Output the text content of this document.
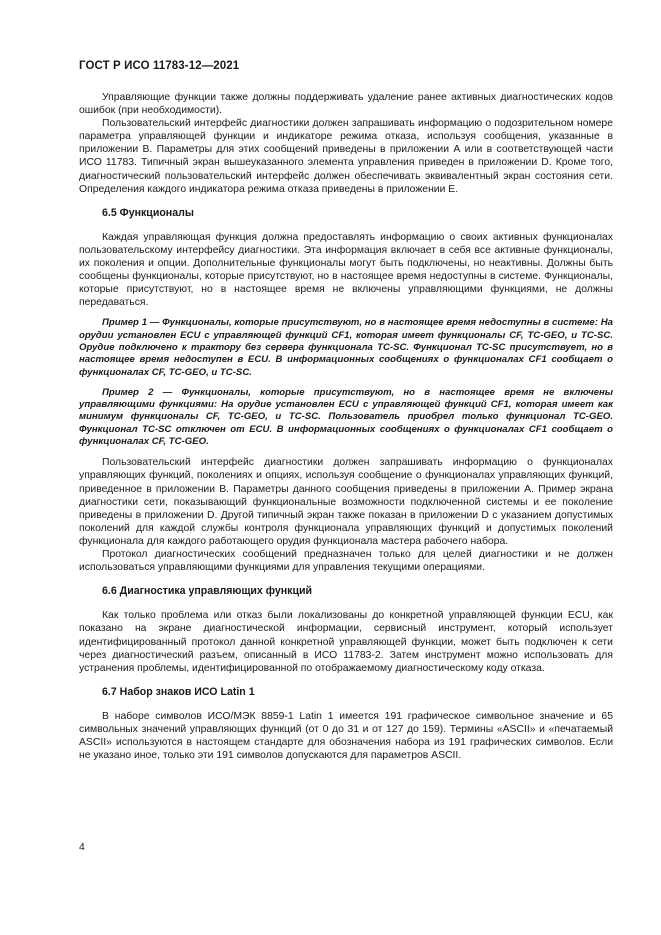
ГОСТ Р ИСО 11783-12—2021

Управляющие функции также должны поддерживать удаление ранее активных диагностических кодов ошибок (при необходимости).

Пользовательский интерфейс диагностики должен запрашивать информацию о подозрительном номере параметра управляющей функции и индикаторе режима отказа, используя сообщения, указанные в приложении В. Параметры для этих сообщений приведены в приложении А или в соответствующей части ИСО 11783. Типичный экран вышеуказанного элемента управления приведен в приложении D. Кроме того, диагностический пользовательский интерфейс должен обеспечивать эквивалентный экран состояния сети. Определения каждого индикатора режима отказа приведены в приложении Е.

6.5 Функционалы

Каждая управляющая функция должна предоставлять информацию о своих активных функционалах пользовательскому интерфейсу диагностики. Эта информация включает в себя все активные функционалы, их поколения и опции. Дополнительные функционалы могут быть подключены, но неактивны. Должны быть сообщены функционалы, которые присутствуют, но в настоящее время недоступны в системе. Функционалы, которые присутствуют, но в настоящее время не включены управляющими функциями, не должны передаваться.

Пример 1 — Функционалы, которые присутствуют, но в настоящее время недоступны в системе: На орудии установлен ECU с управляющей функций CF1, которая имеет функционалы CF, TC-GEO, и TC-SC. Орудие подключено к трактору без сервера функционала TC-SC. Функционал TC-SC присутствует, но в настоящее время недоступен в ECU. В информационных сообщениях о функционалах CF1 сообщает о функционалах CF, TC-GEO, и TC-SC.

Пример 2 — Функционалы, которые присутствуют, но в настоящее время не включены управляющими функциями: На орудие установлен ECU с управляющей функций CF1, которая имеет как минимум функционалы CF, TC-GEO, и TC-SC. Пользователь приобрел только функционал TC-GEO. Функционал TC-SC отключен от ECU. В информационных сообщениях о функционалах CF1 сообщает о функционалах CF, TC-GEO.

Пользовательский интерфейс диагностики должен запрашивать информацию о функционалах управляющих функций, поколениях и опциях, используя сообщение о функционалах управляющих функций, приведенное в приложении В. Параметры данного сообщения приведены в приложении А. Пример экрана диагностики сети, показывающий функциональные возможности подключенной системы и ее поколение приведены в приложении D. Другой типичный экран также показан в приложении D с указанием допустимых поколений для каждой службы контроля функционала управляющих функций и допустимых поколений функционала для каждого работающего орудия функционала мастера рабочего набора.

Протокол диагностических сообщений предназначен только для целей диагностики и не должен использоваться управляющими функциями для управления текущими операциями.

6.6 Диагностика управляющих функций

Как только проблема или отказ были локализованы до конкретной управляющей функции ECU, как показано на экране диагностической информации, сервисный инструмент, который использует идентифицированный протокол данной конкретной управляющей функции, может быть подключен к сети через диагностический разъем, описанный в ИСО 11783-2. Затем инструмент можно использовать для устранения проблемы, идентифицированной по отображаемому диагностическому коду отказа.

6.7 Набор знаков ИСО Latin 1

В наборе символов ИСО/МЭК 8859-1 Latin 1 имеется 191 графическое символьное значение и 65 символьных значений управляющих функций (от 0 до 31 и от 127 до 159). Термины «ASCII» и «печатаемый ASCII» используются в настоящем стандарте для обозначения набора из 191 графических символов. Если не указано иное, только эти 191 символов допускаются для параметров ASCII.

4
